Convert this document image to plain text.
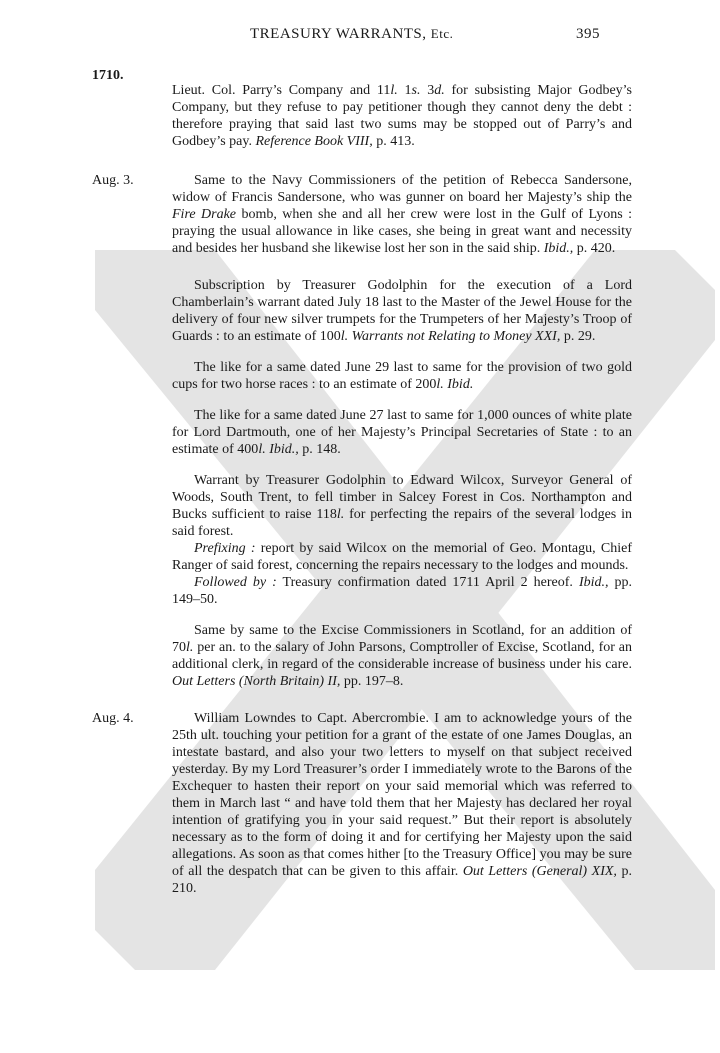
TREASURY WARRANTS, Etc.	395
1710.

Lieut. Col. Parry’s Company and 11l. 1s. 3d. for subsisting Major Godbey’s Company, but they refuse to pay petitioner though they cannot deny the debt : therefore praying that said last two sums may be stopped out of Parry’s and Godbey’s pay. Reference Book VIII, p. 413.

Aug. 3.	Same to the Navy Commissioners of the petition of Rebecca Sandersone, widow of Francis Sandersone, who was gunner on board her Majesty’s ship the Fire Drake bomb, when she and all her crew were lost in the Gulf of Lyons : praying the usual allowance in like cases, she being in great want and necessity and besides her husband she likewise lost her son in the said ship. Ibid., p. 420.

Subscription by Treasurer Godolphin for the execution of a Lord Chamberlain’s warrant dated July 18 last to the Master of the Jewel House for the delivery of four new silver trumpets for the Trumpeters of her Majesty’s Troop of Guards : to an estimate of 100l. Warrants not Relating to Money XXI, p. 29.

The like for a same dated June 29 last to same for the provision of two gold cups for two horse races : to an estimate of 200l. Ibid.

The like for a same dated June 27 last to same for 1,000 ounces of white plate for Lord Dartmouth, one of her Majesty’s Principal Secretaries of State : to an estimate of 400l. Ibid., p. 148.

Warrant by Treasurer Godolphin to Edward Wilcox, Surveyor General of Woods, South Trent, to fell timber in Salcey Forest in Cos. Northampton and Bucks sufficient to raise 118l. for perfecting the repairs of the several lodges in said forest.

Prefixing : report by said Wilcox on the memorial of Geo. Montagu, Chief Ranger of said forest, concerning the repairs necessary to the lodges and mounds.

Followed by : Treasury confirmation dated 1711 April 2 hereof. Ibid., pp. 149–50.

Same by same to the Excise Commissioners in Scotland, for an addition of 70l. per an. to the salary of John Parsons, Comptroller of Excise, Scotland, for an additional clerk, in regard of the considerable increase of business under his care. Out Letters (North Britain) II, pp. 197–8.

Aug. 4.	William Lowndes to Capt. Abercrombie. I am to acknowledge yours of the 25th ult. touching your petition for a grant of the estate of one James Douglas, an intestate bastard, and also your two letters to myself on that subject received yesterday. By my Lord Treasurer’s order I immediately wrote to the Barons of the Exchequer to hasten their report on your said memorial which was referred to them in March last “ and have told them that her Majesty has declared her royal intention of gratifying you in your said request.” But their report is absolutely necessary as to the form of doing it and for certifying her Majesty upon the said allegations. As soon as that comes hither [to the Treasury Office] you may be sure of all the despatch that can be given to this affair. Out Letters (General) XIX, p. 210.
